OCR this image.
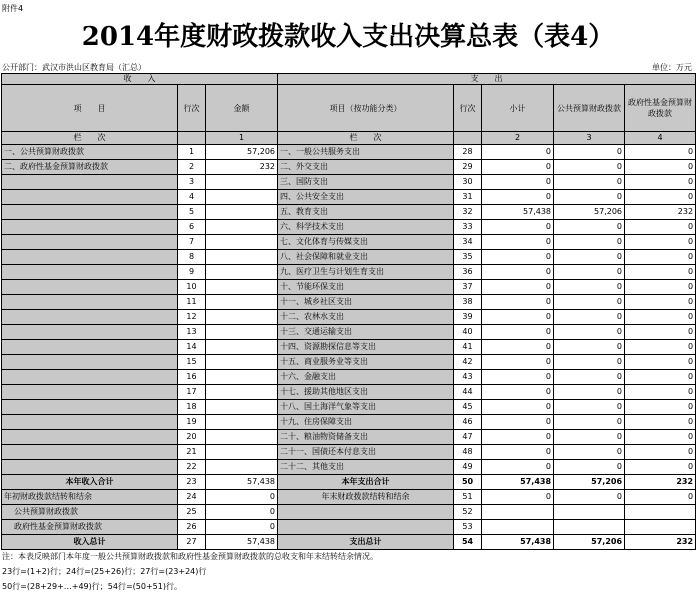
附件4
2014年度财政拨款收入支出决算总表（表4）
公开部门：武汉市洪山区教育局（汇总）	单位：万元
收　　入			支　　出				
项　　目	行次	金额	项目（按功能分类）	行次	小计	公共预算财政拨款	政府性基金预算财政拨款
栏　　次		1	栏　　次		2	3	4
一、公共预算财政拨款	1	57,206	一、一般公共服务支出	28	0	0	0
二、政府性基金预算财政拨款	2	232	二、外交支出	29	0	0	0
	3		三、国防支出	30	0	0	0
	4		四、公共安全支出	31	0	0	0
	5		五、教育支出	32	57,438	57,206	232
	6		六、科学技术支出	33	0	0	0
	7		七、文化体育与传媒支出	34	0	0	0
	8		八、社会保障和就业支出	35	0	0	0
	9		九、医疗卫生与计划生育支出	36	0	0	0
	10		十、节能环保支出	37	0	0	0
	11		十一、城乡社区支出	38	0	0	0
	12		十二、农林水支出	39	0	0	0
	13		十三、交通运输支出	40	0	0	0
	14		十四、资源勘探信息等支出	41	0	0	0
	15		十五、商业服务业等支出	42	0	0	0
	16		十六、金融支出	43	0	0	0
	17		十七、援助其他地区支出	44	0	0	0
	18		十八、国土海洋气象等支出	45	0	0	0
	19		十九、住房保障支出	46	0	0	0
	20		二十、粮油物资储备支出	47	0	0	0
	21		二十一、国债还本付息支出	48	0	0	0
	22		二十二、其他支出	49	0	0	0
本年收入合计	23	57,438	本年支出合计	50	57,438	57,206	232
年初财政拨款结转和结余	24	0	年末财政拨款结转和结余	51	0	0	0
公共预算财政拨款	25	0		52			
政府性基金预算财政拨款	26	0		53			
收入总计	27	57,438	支出总计	54	57,438	57,206	232
注：本表反映部门本年度一般公共预算财政拨款和政府性基金预算财政拨款的总收支和年末结转结余情况。
23行=(1+2)行；24行=(25+26)行；27行=(23+24)行
50行=(28+29+…+49)行；54行=(50+51)行。
